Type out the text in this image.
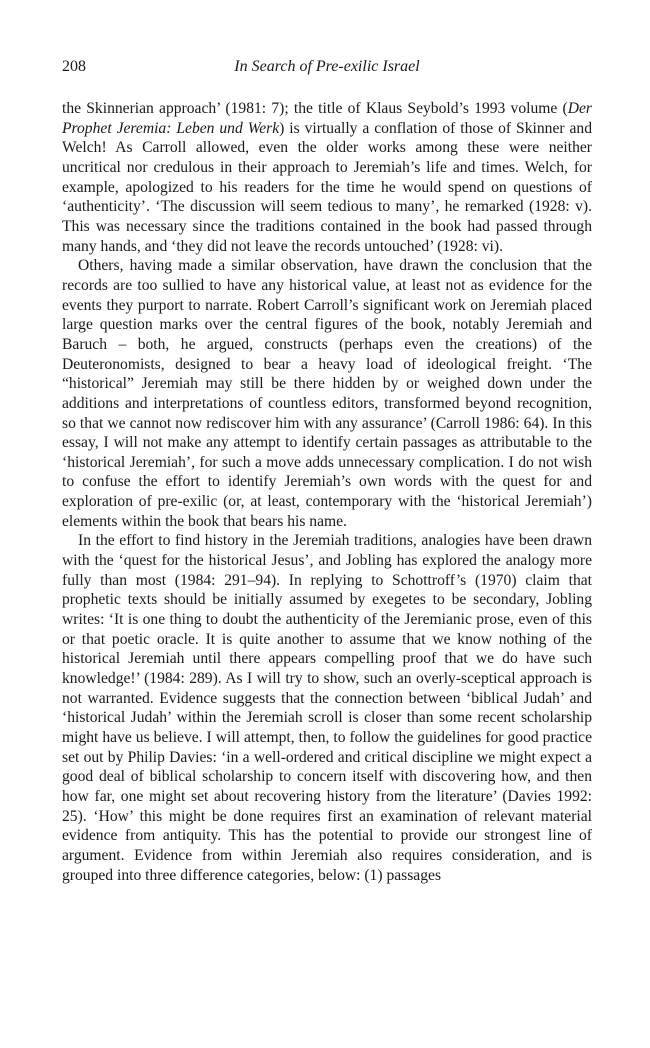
208	In Search of Pre-exilic Israel

the Skinnerian approach’ (1981: 7); the title of Klaus Seybold’s 1993 volume (Der Prophet Jeremia: Leben und Werk) is virtually a conflation of those of Skinner and Welch! As Carroll allowed, even the older works among these were neither uncritical nor credulous in their approach to Jeremiah’s life and times. Welch, for example, apologized to his readers for the time he would spend on questions of ‘authenticity’. ‘The discussion will seem tedious to many’, he remarked (1928: v). This was necessary since the traditions contained in the book had passed through many hands, and ‘they did not leave the records untouched’ (1928: vi).

Others, having made a similar observation, have drawn the conclusion that the records are too sullied to have any historical value, at least not as evidence for the events they purport to narrate. Robert Carroll’s significant work on Jeremiah placed large question marks over the central figures of the book, notably Jeremiah and Baruch – both, he argued, constructs (perhaps even the creations) of the Deuteronomists, designed to bear a heavy load of ideological freight. ‘The “historical” Jeremiah may still be there hidden by or weighed down under the additions and interpretations of countless editors, transformed beyond recognition, so that we cannot now rediscover him with any assurance’ (Carroll 1986: 64). In this essay, I will not make any attempt to identify certain passages as attributable to the ‘historical Jeremiah’, for such a move adds unnecessary complication. I do not wish to confuse the effort to identify Jeremiah’s own words with the quest for and exploration of pre-exilic (or, at least, contemporary with the ‘historical Jeremiah’) elements within the book that bears his name.

In the effort to find history in the Jeremiah traditions, analogies have been drawn with the ‘quest for the historical Jesus’, and Jobling has explored the analogy more fully than most (1984: 291–94). In replying to Schottroff’s (1970) claim that prophetic texts should be initially assumed by exegetes to be secondary, Jobling writes: ‘It is one thing to doubt the authenticity of the Jeremianic prose, even of this or that poetic oracle. It is quite another to assume that we know nothing of the historical Jeremiah until there appears compelling proof that we do have such knowledge!’ (1984: 289). As I will try to show, such an overly-sceptical approach is not warranted. Evidence suggests that the connection between ‘biblical Judah’ and ‘historical Judah’ within the Jeremiah scroll is closer than some recent scholarship might have us believe. I will attempt, then, to follow the guidelines for good practice set out by Philip Davies: ‘in a well-ordered and critical discipline we might expect a good deal of biblical scholarship to concern itself with discovering how, and then how far, one might set about recovering history from the literature’ (Davies 1992: 25). ‘How’ this might be done requires first an examination of relevant material evidence from antiquity. This has the potential to provide our strongest line of argument. Evidence from within Jeremiah also requires consideration, and is grouped into three difference categories, below: (1) passages
